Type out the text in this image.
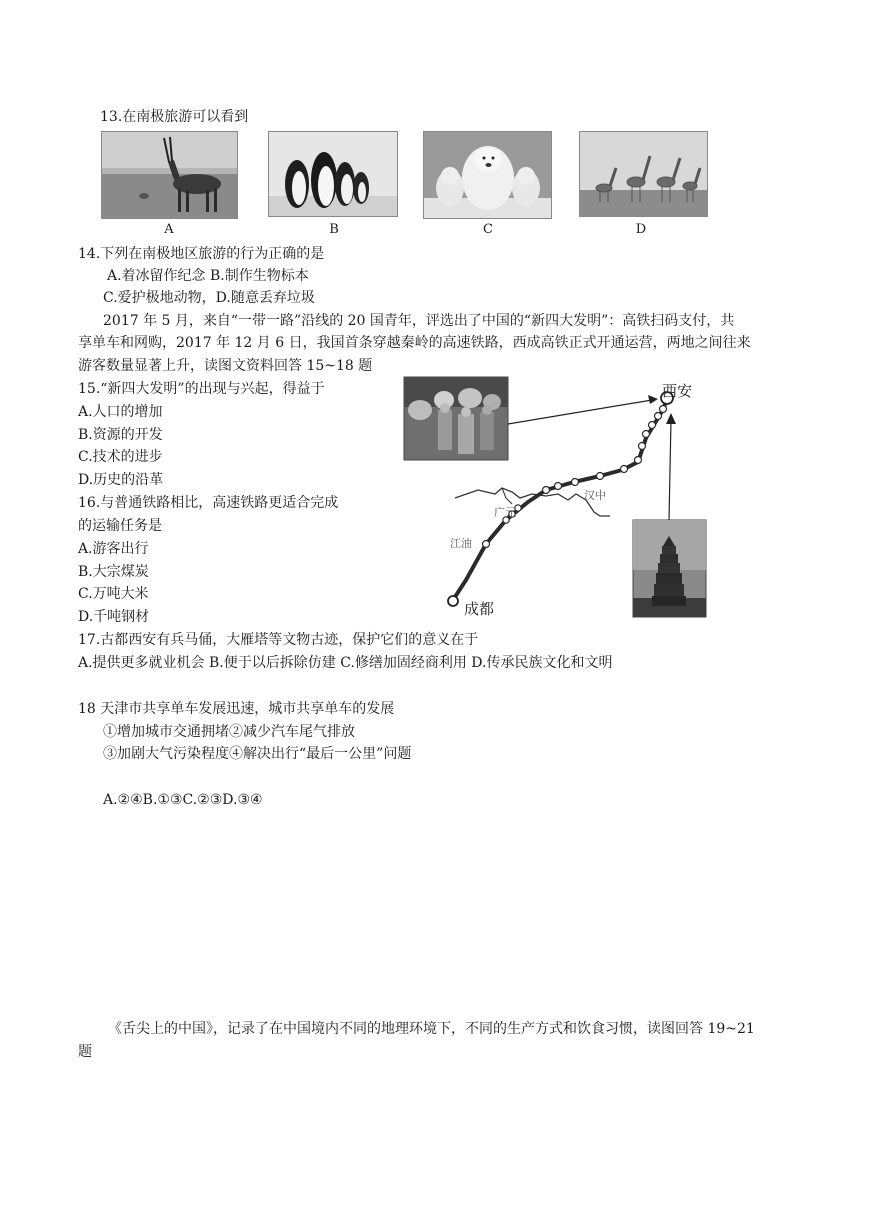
13.在南极旅游可以看到
A	B	C	D
14.下列在南极地区旅游的行为正确的是
A.着冰留作纪念 B.制作生物标本
C.爱护极地动物，D.随意丢弃垃圾
2017 年 5 月，来自“一带一路”沿线的 20 国青年，评选出了中国的“新四大发明”：高铁扫码支付，共
享单车和网购，2017 年 12 月 6 日，我国首条穿越秦岭的高速铁路，西成高铁正式开通运营，两地之间往来
游客数量显著上升，读图文资料回答 15~18 题
15.“新四大发明”的出现与兴起，得益于
A.人口的增加
B.资源的开发
C.技术的进步
D.历史的沿革
16.与普通铁路相比，高速铁路更适合完成
的运输任务是
A.游客出行
B.大宗煤炭
C.万吨大米
D.千吨钢材
西安
成都
汉中
广元
江油
17.古都西安有兵马俑，大雁塔等文物古迹，保护它们的意义在于
A.提供更多就业机会 B.便于以后拆除仿建 C.修缮加固经商利用 D.传承民族文化和文明
18 天津市共享单车发展迅速，城市共享单车的发展
①增加城市交通拥堵②减少汽车尾气排放
③加剧大气污染程度④解决出行“最后一公里”问题
A.②④B.①③C.②③D.③④
《舌尖上的中国》，记录了在中国境内不同的地理环境下，不同的生产方式和饮食习惯，读图回答 19~21
题
